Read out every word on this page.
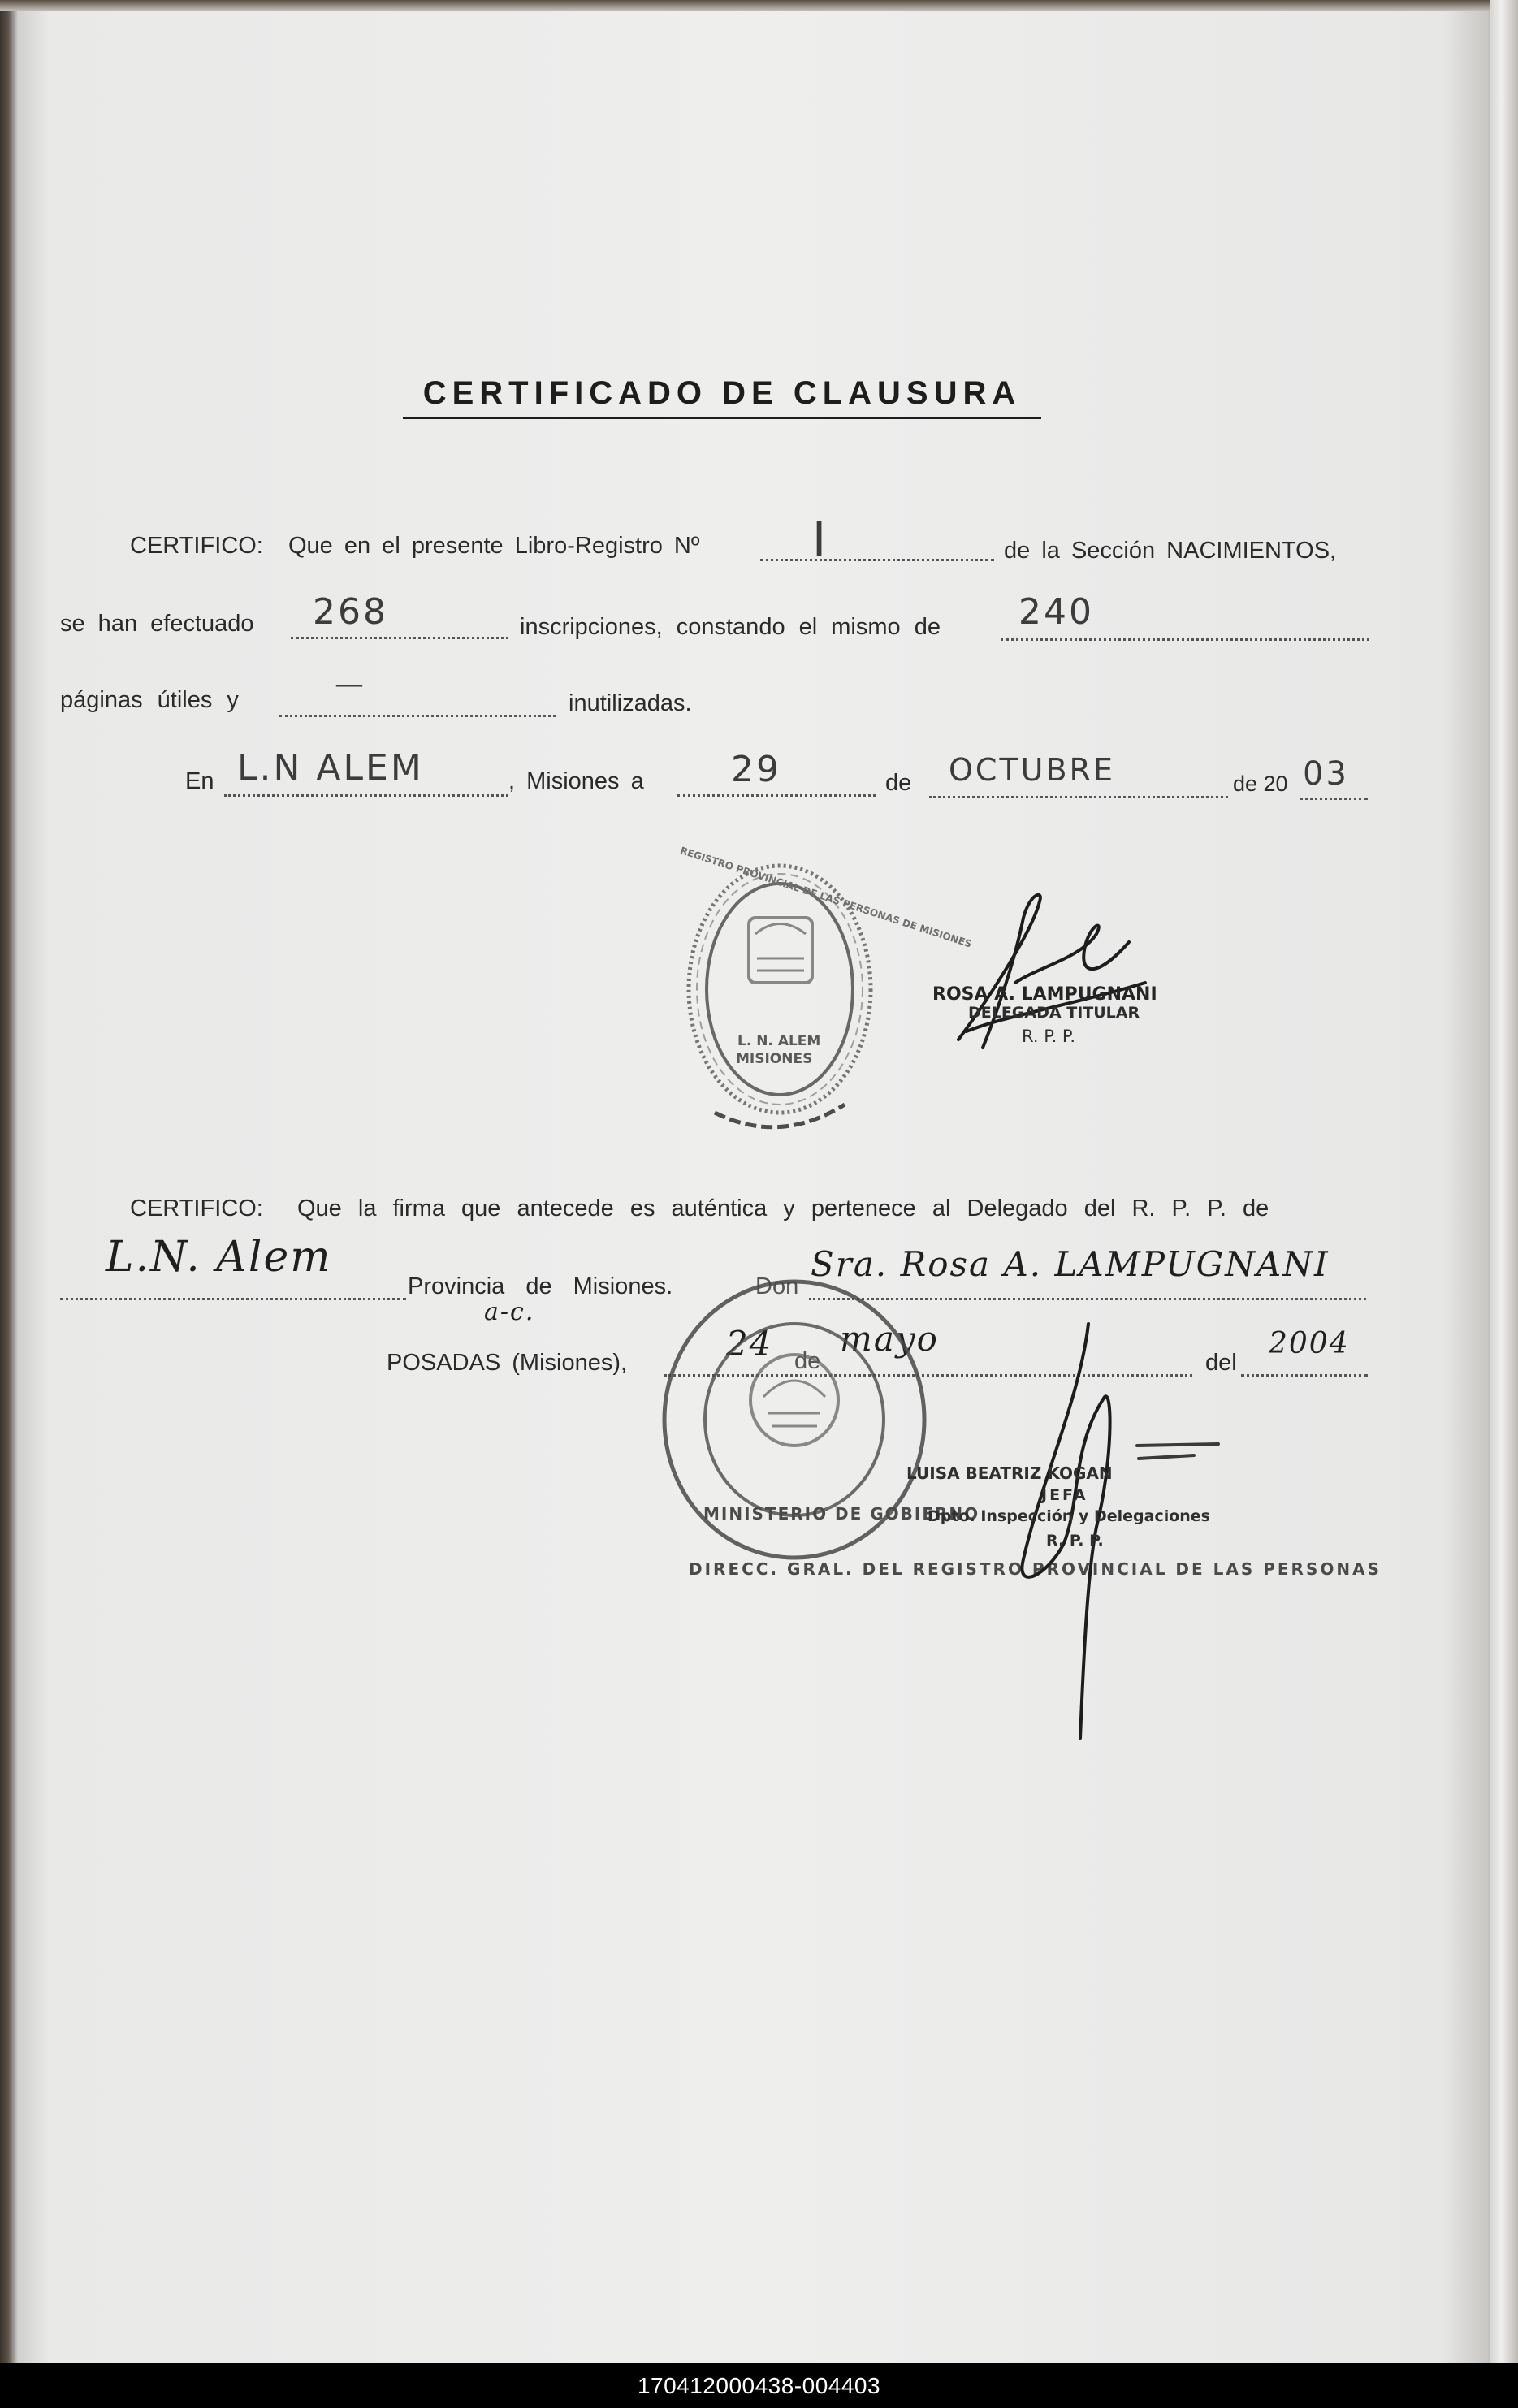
CERTIFICADO DE CLAUSURA
CERTIFICO: Que en el presente Libro-Registro Nº I	de la Sección NACIMIENTOS,
se han efectuado 268	inscripciones, constando el mismo de 240
páginas útiles y	—
inutilizadas.
En L.N ALEM	, Misiones a 29	de OCTUBRE	de 20 03
L. N. ALEM
MISIONES
REGISTRO PROVINCIAL DE LAS PERSONAS DE MISIONES
ROSA A. LAMPUGNANI
DELEGADA TITULAR
R. P. P.
CERTIFICO: Que la firma que antecede es auténtica y pertenece al Delegado del R. P. P. de
L.N. Alem
Provincia de Misiones.	Don
Sra. Rosa A. LAMPUGNANI
a-c.
POSADAS (Misiones),	24 de
mayo
del
2004
DIRECC. GRAL. DEL REGISTRO PROVINCIAL DE LAS PERSONAS
MINISTERIO DE GOBIERNO
LUISA BEATRIZ KOGAN
JEFA
Dpto. Inspección y Delegaciones
R. P. P.
170412000438-004403
